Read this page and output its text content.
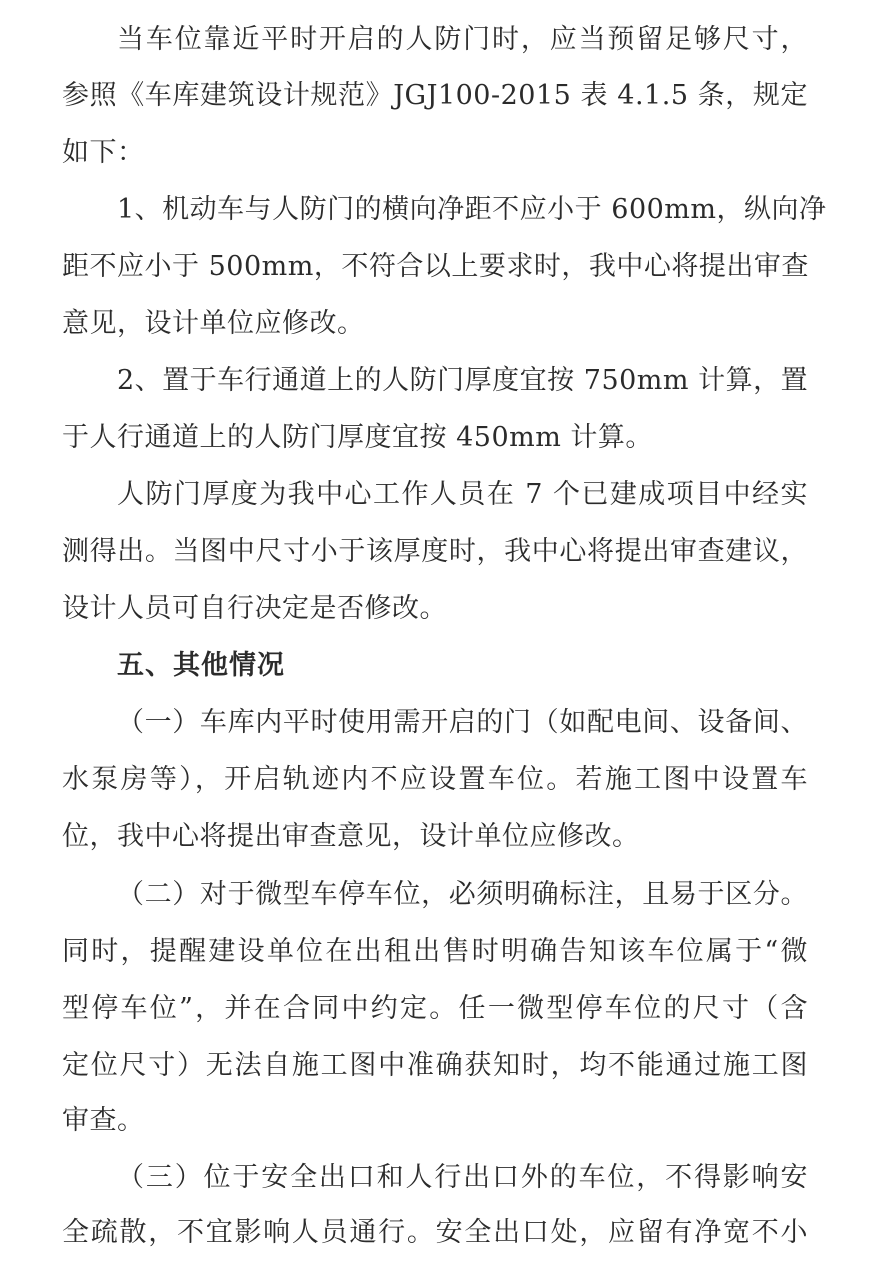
当车位靠近平时开启的人防门时，应当预留足够尺寸，
参照《车库建筑设计规范》JGJ100-2015 表 4.1.5 条，规定
如下：
1、机动车与人防门的横向净距不应小于 600mm，纵向净
距不应小于 500mm，不符合以上要求时，我中心将提出审查
意见，设计单位应修改。
2、置于车行通道上的人防门厚度宜按 750mm 计算，置
于人行通道上的人防门厚度宜按 450mm 计算。
人防门厚度为我中心工作人员在 7 个已建成项目中经实
测得出。当图中尺寸小于该厚度时，我中心将提出审查建议，
设计人员可自行决定是否修改。
五、其他情况
（一）车库内平时使用需开启的门（如配电间、设备间、
水泵房等），开启轨迹内不应设置车位。若施工图中设置车
位，我中心将提出审查意见，设计单位应修改。
（二）对于微型车停车位，必须明确标注，且易于区分。
同时，提醒建设单位在出租出售时明确告知该车位属于“微
型停车位”，并在合同中约定。任一微型停车位的尺寸（含
定位尺寸）无法自施工图中准确获知时，均不能通过施工图
审查。
（三）位于安全出口和人行出口外的车位，不得影响安
全疏散，不宜影响人员通行。安全出口处，应留有净宽不小
